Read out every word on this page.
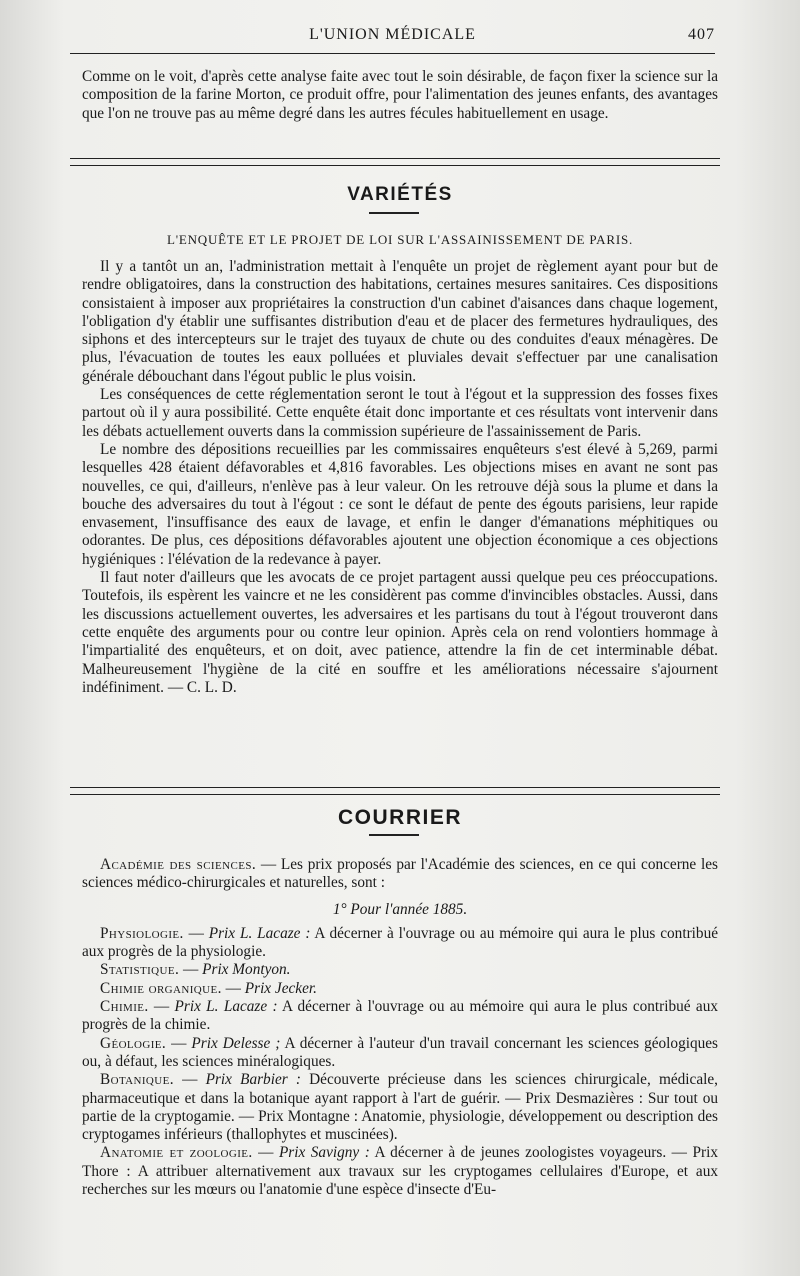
L'UNION MÉDICALE	407

Comme on le voit, d'après cette analyse faite avec tout le soin désirable, de façon fixer la science sur la composition de la farine Morton, ce produit offre, pour l'alimentation des jeunes enfants, des avantages que l'on ne trouve pas au même degré dans les autres fécules habituellement en usage.

VARIÉTÉS
L'ENQUÊTE ET LE PROJET DE LOI SUR L'ASSAINISSEMENT DE PARIS.

Il y a tantôt un an, l'administration mettait à l'enquête un projet de règlement ayant pour but de rendre obligatoires, dans la construction des habitations, certaines mesures sanitaires. Ces dispositions consistaient à imposer aux propriétaires la construction d'un cabinet d'aisances dans chaque logement, l'obligation d'y établir une suffisantes distribution d'eau et de placer des fermetures hydrauliques, des siphons et des intercepteurs sur le trajet des tuyaux de chute ou des conduites d'eaux ménagères. De plus, l'évacuation de toutes les eaux polluées et pluviales devait s'effectuer par une canalisation générale débouchant dans l'égout public le plus voisin.

Les conséquences de cette réglementation seront le tout à l'égout et la suppression des fosses fixes partout où il y aura possibilité. Cette enquête était donc importante et ces résultats vont intervenir dans les débats actuellement ouverts dans la commission supérieure de l'assainissement de Paris.

Le nombre des dépositions recueillies par les commissaires enquêteurs s'est élevé à 5,269, parmi lesquelles 428 étaient défavorables et 4,816 favorables. Les objections mises en avant ne sont pas nouvelles, ce qui, d'ailleurs, n'enlève pas à leur valeur. On les retrouve déjà sous la plume et dans la bouche des adversaires du tout à l'égout : ce sont le défaut de pente des égouts parisiens, leur rapide envasement, l'insuffisance des eaux de lavage, et enfin le danger d'émanations méphitiques ou odorantes. De plus, ces dépositions défavorables ajoutent une objection économique a ces objections hygiéniques : l'élévation de la redevance à payer.

Il faut noter d'ailleurs que les avocats de ce projet partagent aussi quelque peu ces préoccupations. Toutefois, ils espèrent les vaincre et ne les considèrent pas comme d'invincibles obstacles. Aussi, dans les discussions actuellement ouvertes, les adversaires et les partisans du tout à l'égout trouveront dans cette enquête des arguments pour ou contre leur opinion. Après cela on rend volontiers hommage à l'impartialité des enquêteurs, et on doit, avec patience, attendre la fin de cet interminable débat. Malheureusement l'hygiène de la cité en souffre et les améliorations nécessaire s'ajournent indéfiniment. — C. L. D.

COURRIER

Académie des sciences. — Les prix proposés par l'Académie des sciences, en ce qui concerne les sciences médico-chirurgicales et naturelles, sont :

1° Pour l'année 1885.

Physiologie. — Prix L. Lacaze : A décerner à l'ouvrage ou au mémoire qui aura le plus contribué aux progrès de la physiologie.

Statistique. — Prix Montyon.

Chimie organique. — Prix Jecker.

Chimie. — Prix L. Lacaze : A décerner à l'ouvrage ou au mémoire qui aura le plus contribué aux progrès de la chimie.

Géologie. — Prix Delesse ; A décerner à l'auteur d'un travail concernant les sciences géologiques ou, à défaut, les sciences minéralogiques.

Botanique. — Prix Barbier : Découverte précieuse dans les sciences chirurgicale, médicale, pharmaceutique et dans la botanique ayant rapport à l'art de guérir. — Prix Desmazières : Sur tout ou partie de la cryptogamie. — Prix Montagne : Anatomie, physiologie, développement ou description des cryptogames inférieurs (thallophytes et muscinées).

Anatomie et zoologie. — Prix Savigny : A décerner à de jeunes zoologistes voyageurs. — Prix Thore : A attribuer alternativement aux travaux sur les cryptogames cellulaires d'Europe, et aux recherches sur les mœurs ou l'anatomie d'une espèce d'insecte d'Eu-
